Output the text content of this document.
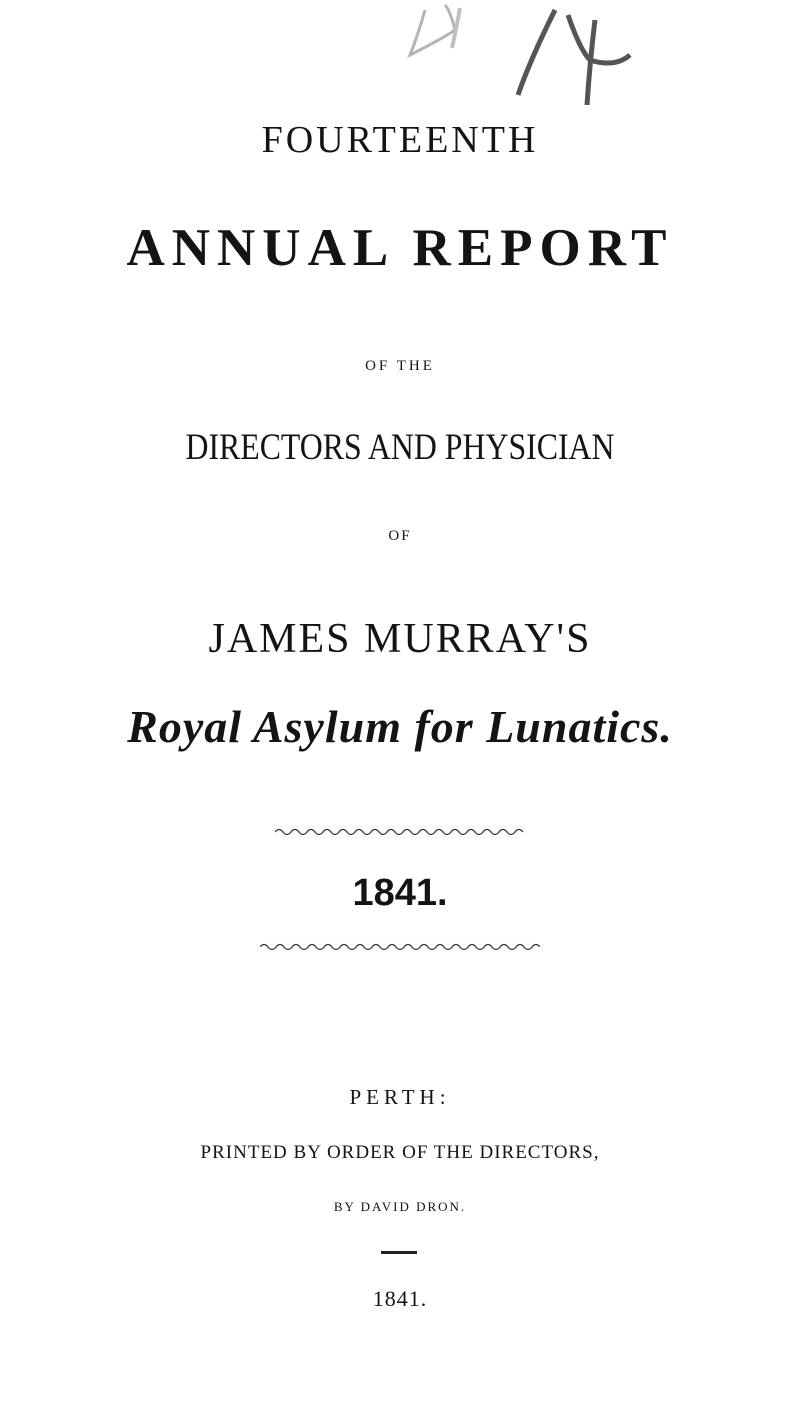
FOURTEENTH
ANNUAL REPORT
OF THE
DIRECTORS AND PHYSICIAN
OF
JAMES MURRAY'S
Royal Asylum for Lunatics.
1841.
PERTH:
PRINTED BY ORDER OF THE DIRECTORS,
BY DAVID DRON.
1841.
